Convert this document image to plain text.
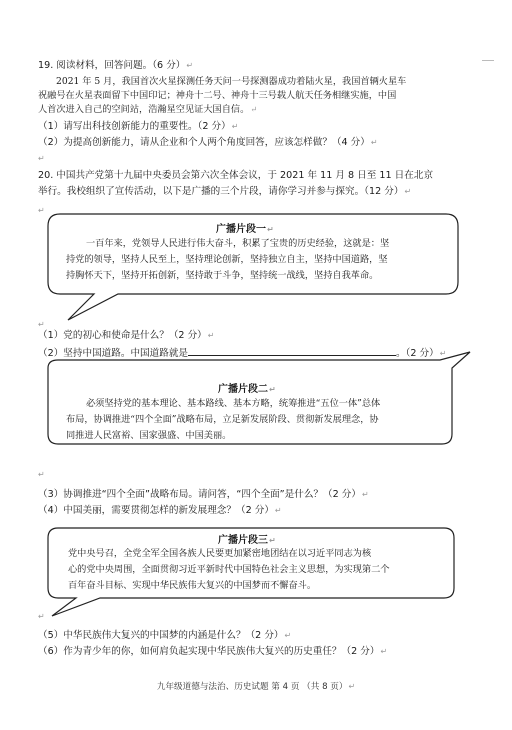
19. 阅读材料，回答问题。（6 分）↵
2021 年 5 月，我国首次火星探测任务天问一号探测器成功着陆火星，我国首辆火星车
祝融号在火星表面留下中国印记；神舟十二号、神舟十三号载人航天任务相继实施，中国
人首次进入自己的空间站，浩瀚星空见证大国自信。↵
（1）请写出科技创新能力的重要性。（2 分）↵
（2）为提高创新能力，请从企业和个人两个角度回答，应该怎样做？（4 分）↵
↵
20. 中国共产党第十九届中央委员会第六次全体会议，于 2021 年 11 月 8 日至 11 日在北京
举行。我校组织了宣传活动，以下是广播的三个片段，请你学习并参与探究。（12 分）↵
↵
广播片段一↵
一百年来，党领导人民进行伟大奋斗，积累了宝贵的历史经验，这就是：坚
持党的领导，坚持人民至上，坚持理论创新，坚持独立自主，坚持中国道路，坚
持胸怀天下，坚持开拓创新，坚持敢于斗争，坚持统一战线，坚持自我革命。
↵
（1）党的初心和使命是什么？（2 分）↵
（2）坚持中国道路。中国道路就是	。（2 分）↵
广播片段二↵
必须坚持党的基本理论、基本路线、基本方略，统筹推进“五位一体”总体
布局，协调推进“四个全面”战略布局，立足新发展阶段、贯彻新发展理念，协
同推进人民富裕、国家强盛、中国美丽。
↵
（3）协调推进“四个全面”战略布局。请问答，“四个全面”是什么？（2 分）↵
（4）中国美丽，需要贯彻怎样的新发展理念？（2 分）↵
广播片段三↵
党中央号召，全党全军全国各族人民要更加紧密地团结在以习近平同志为核
心的党中央周围，全面贯彻习近平新时代中国特色社会主义思想，为实现第二个
百年奋斗目标、实现中华民族伟大复兴的中国梦而不懈奋斗。
↵
（5）中华民族伟大复兴的中国梦的内涵是什么？（2 分）↵
（6）作为青少年的你，如何肩负起实现中华民族伟大复兴的历史重任？（2 分）↵
九年级道德与法治、历史试题 第 4 页 （共 8 页）↵
